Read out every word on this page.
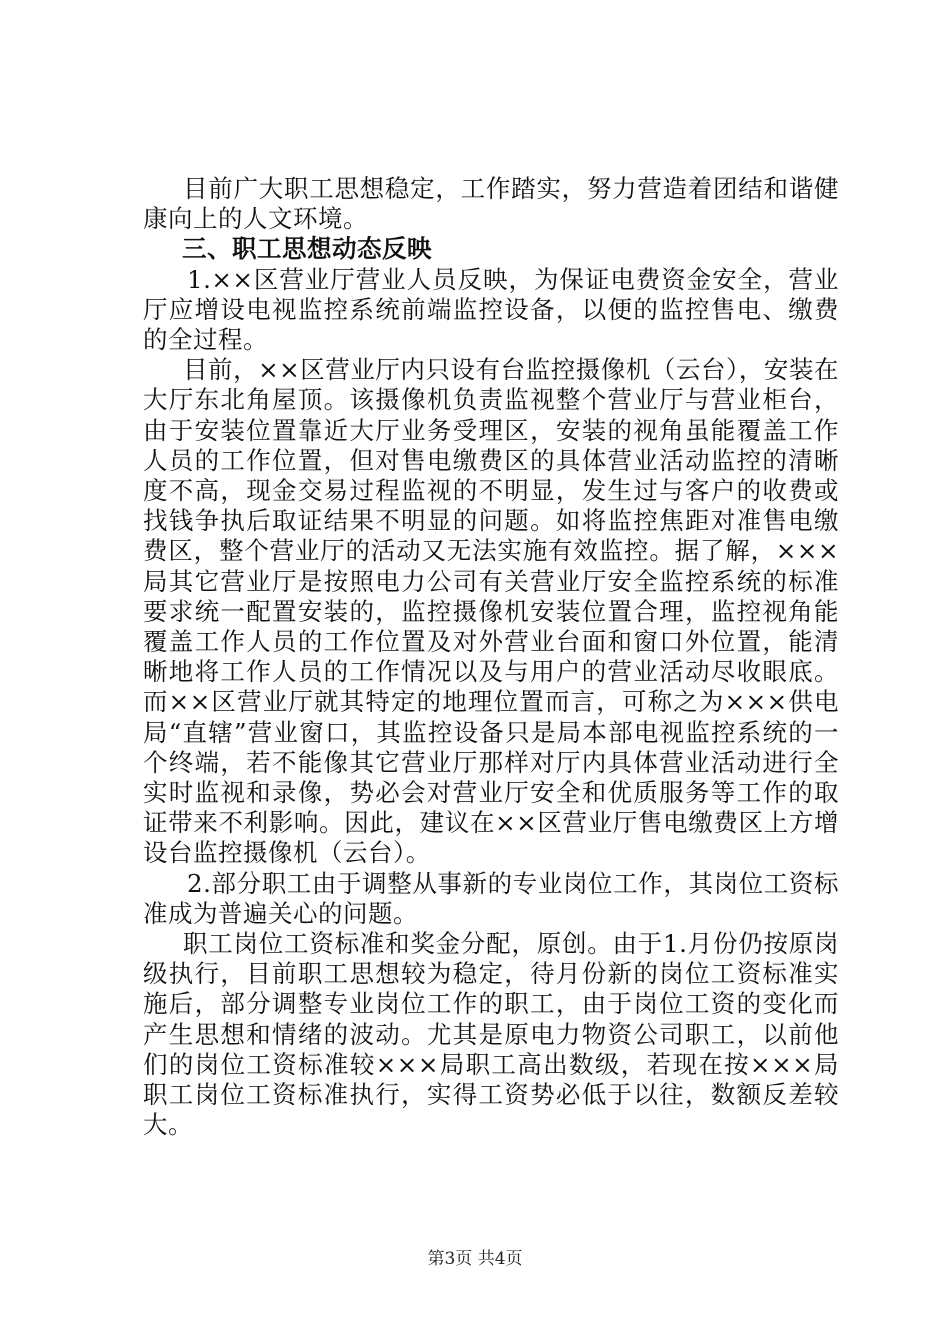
目前广大职工思想稳定，工作踏实，努力营造着团结和谐健康向上的人文环境。

三、职工思想动态反映

1.××区营业厅营业人员反映，为保证电费资金安全，营业厅应增设电视监控系统前端监控设备，以便的监控售电、缴费的全过程。

目前，××区营业厅内只设有台监控摄像机（云台），安装在大厅东北角屋顶。该摄像机负责监视整个营业厅与营业柜台，由于安装位置靠近大厅业务受理区，安装的视角虽能覆盖工作人员的工作位置，但对售电缴费区的具体营业活动监控的清晰度不高，现金交易过程监视的不明显，发生过与客户的收费或找钱争执后取证结果不明显的问题。如将监控焦距对准售电缴费区，整个营业厅的活动又无法实施有效监控。据了解，×××局其它营业厅是按照电力公司有关营业厅安全监控系统的标准要求统一配置安装的，监控摄像机安装位置合理，监控视角能覆盖工作人员的工作位置及对外营业台面和窗口外位置，能清晰地将工作人员的工作情况以及与用户的营业活动尽收眼底。而××区营业厅就其特定的地理位置而言，可称之为×××供电局“直辖”营业窗口，其监控设备只是局本部电视监控系统的一个终端，若不能像其它营业厅那样对厅内具体营业活动进行全实时监视和录像，势必会对营业厅安全和优质服务等工作的取证带来不利影响。因此，建议在××区营业厅售电缴费区上方增设台监控摄像机（云台）。

2.部分职工由于调整从事新的专业岗位工作，其岗位工资标准成为普遍关心的问题。

职工岗位工资标准和奖金分配，原创。由于1.月份仍按原岗级执行，目前职工思想较为稳定，待月份新的岗位工资标准实施后，部分调整专业岗位工作的职工，由于岗位工资的变化而产生思想和情绪的波动。尤其是原电力物资公司职工，以前他们的岗位工资标准较×××局职工高出数级，若现在按×××局职工岗位工资标准执行，实得工资势必低于以往，数额反差较大。

第3页 共4页
